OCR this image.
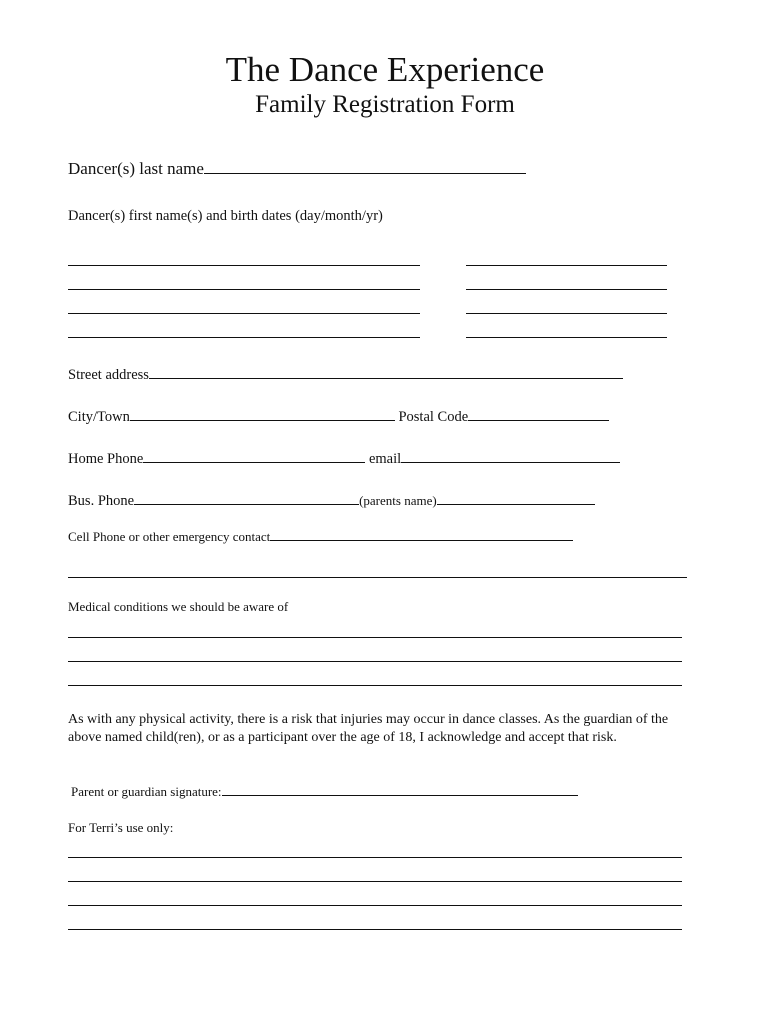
The Dance Experience
Family Registration Form
Dancer(s) last name
Dancer(s) first name(s) and birth dates (day/month/yr)
Street address
City/Town	Postal Code
Home Phone	email
Bus. Phone	(parents name)
Cell Phone or other emergency contact
Medical conditions we should be aware of
As with any physical activity, there is a risk that injuries may occur in dance classes. As the guardian of the above named child(ren), or as a participant over the age of 18, I acknowledge and accept that risk.
Parent or guardian signature:
For Terri’s use only:
